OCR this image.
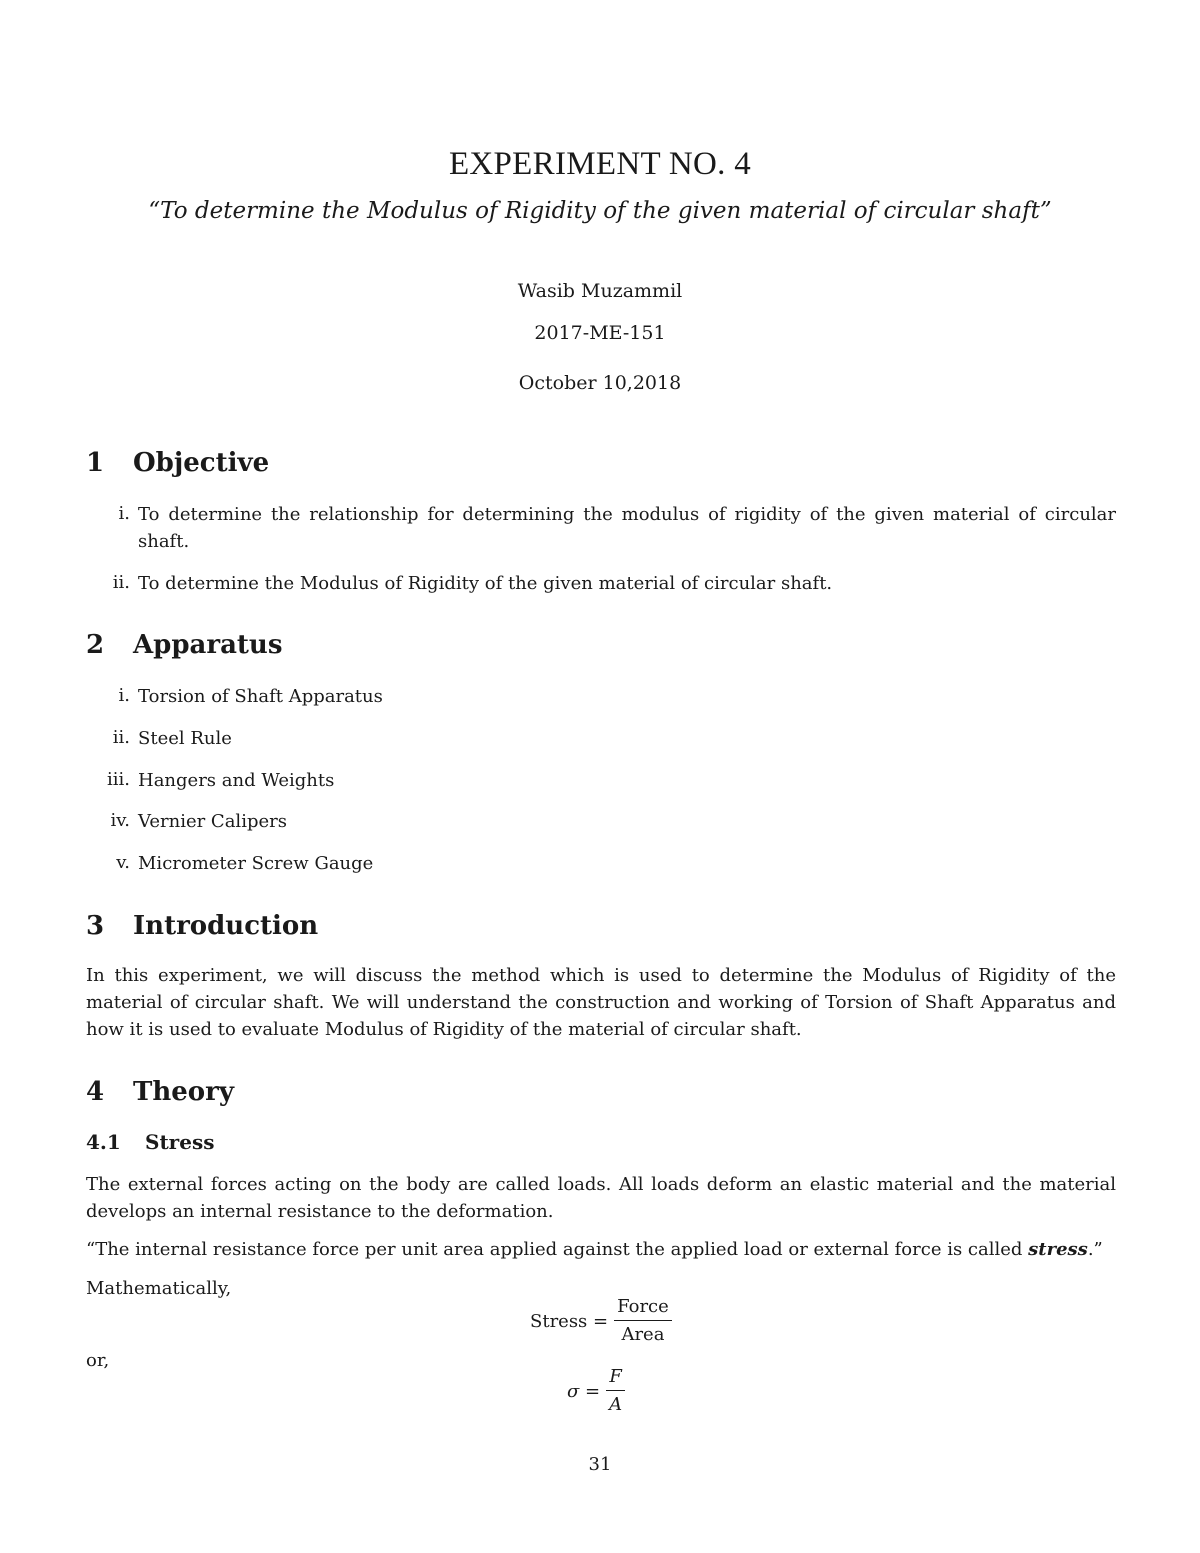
EXPERIMENT NO. 4
“To determine the Modulus of Rigidity of the given material of circular shaft”
Wasib Muzammil
2017-ME-151
October 10,2018
1 Objective
i. To determine the relationship for determining the modulus of rigidity of the given material of circular shaft.
ii. To determine the Modulus of Rigidity of the given material of circular shaft.
2 Apparatus
i. Torsion of Shaft Apparatus
ii. Steel Rule
iii. Hangers and Weights
iv. Vernier Calipers
v. Micrometer Screw Gauge
3 Introduction
In this experiment, we will discuss the method which is used to determine the Modulus of Rigidity of the material of circular shaft. We will understand the construction and working of Torsion of Shaft Apparatus and how it is used to evaluate Modulus of Rigidity of the material of circular shaft.
4 Theory
4.1 Stress
The external forces acting on the body are called loads. All loads deform an elastic material and the material develops an internal resistance to the deformation.
“The internal resistance force per unit area applied against the applied load or external force is called stress.”
Mathematically,
Stress = $\frac{\text{Force}}{\text{Area}}$
or,
$\sigma = \frac{F}{A}$
31
